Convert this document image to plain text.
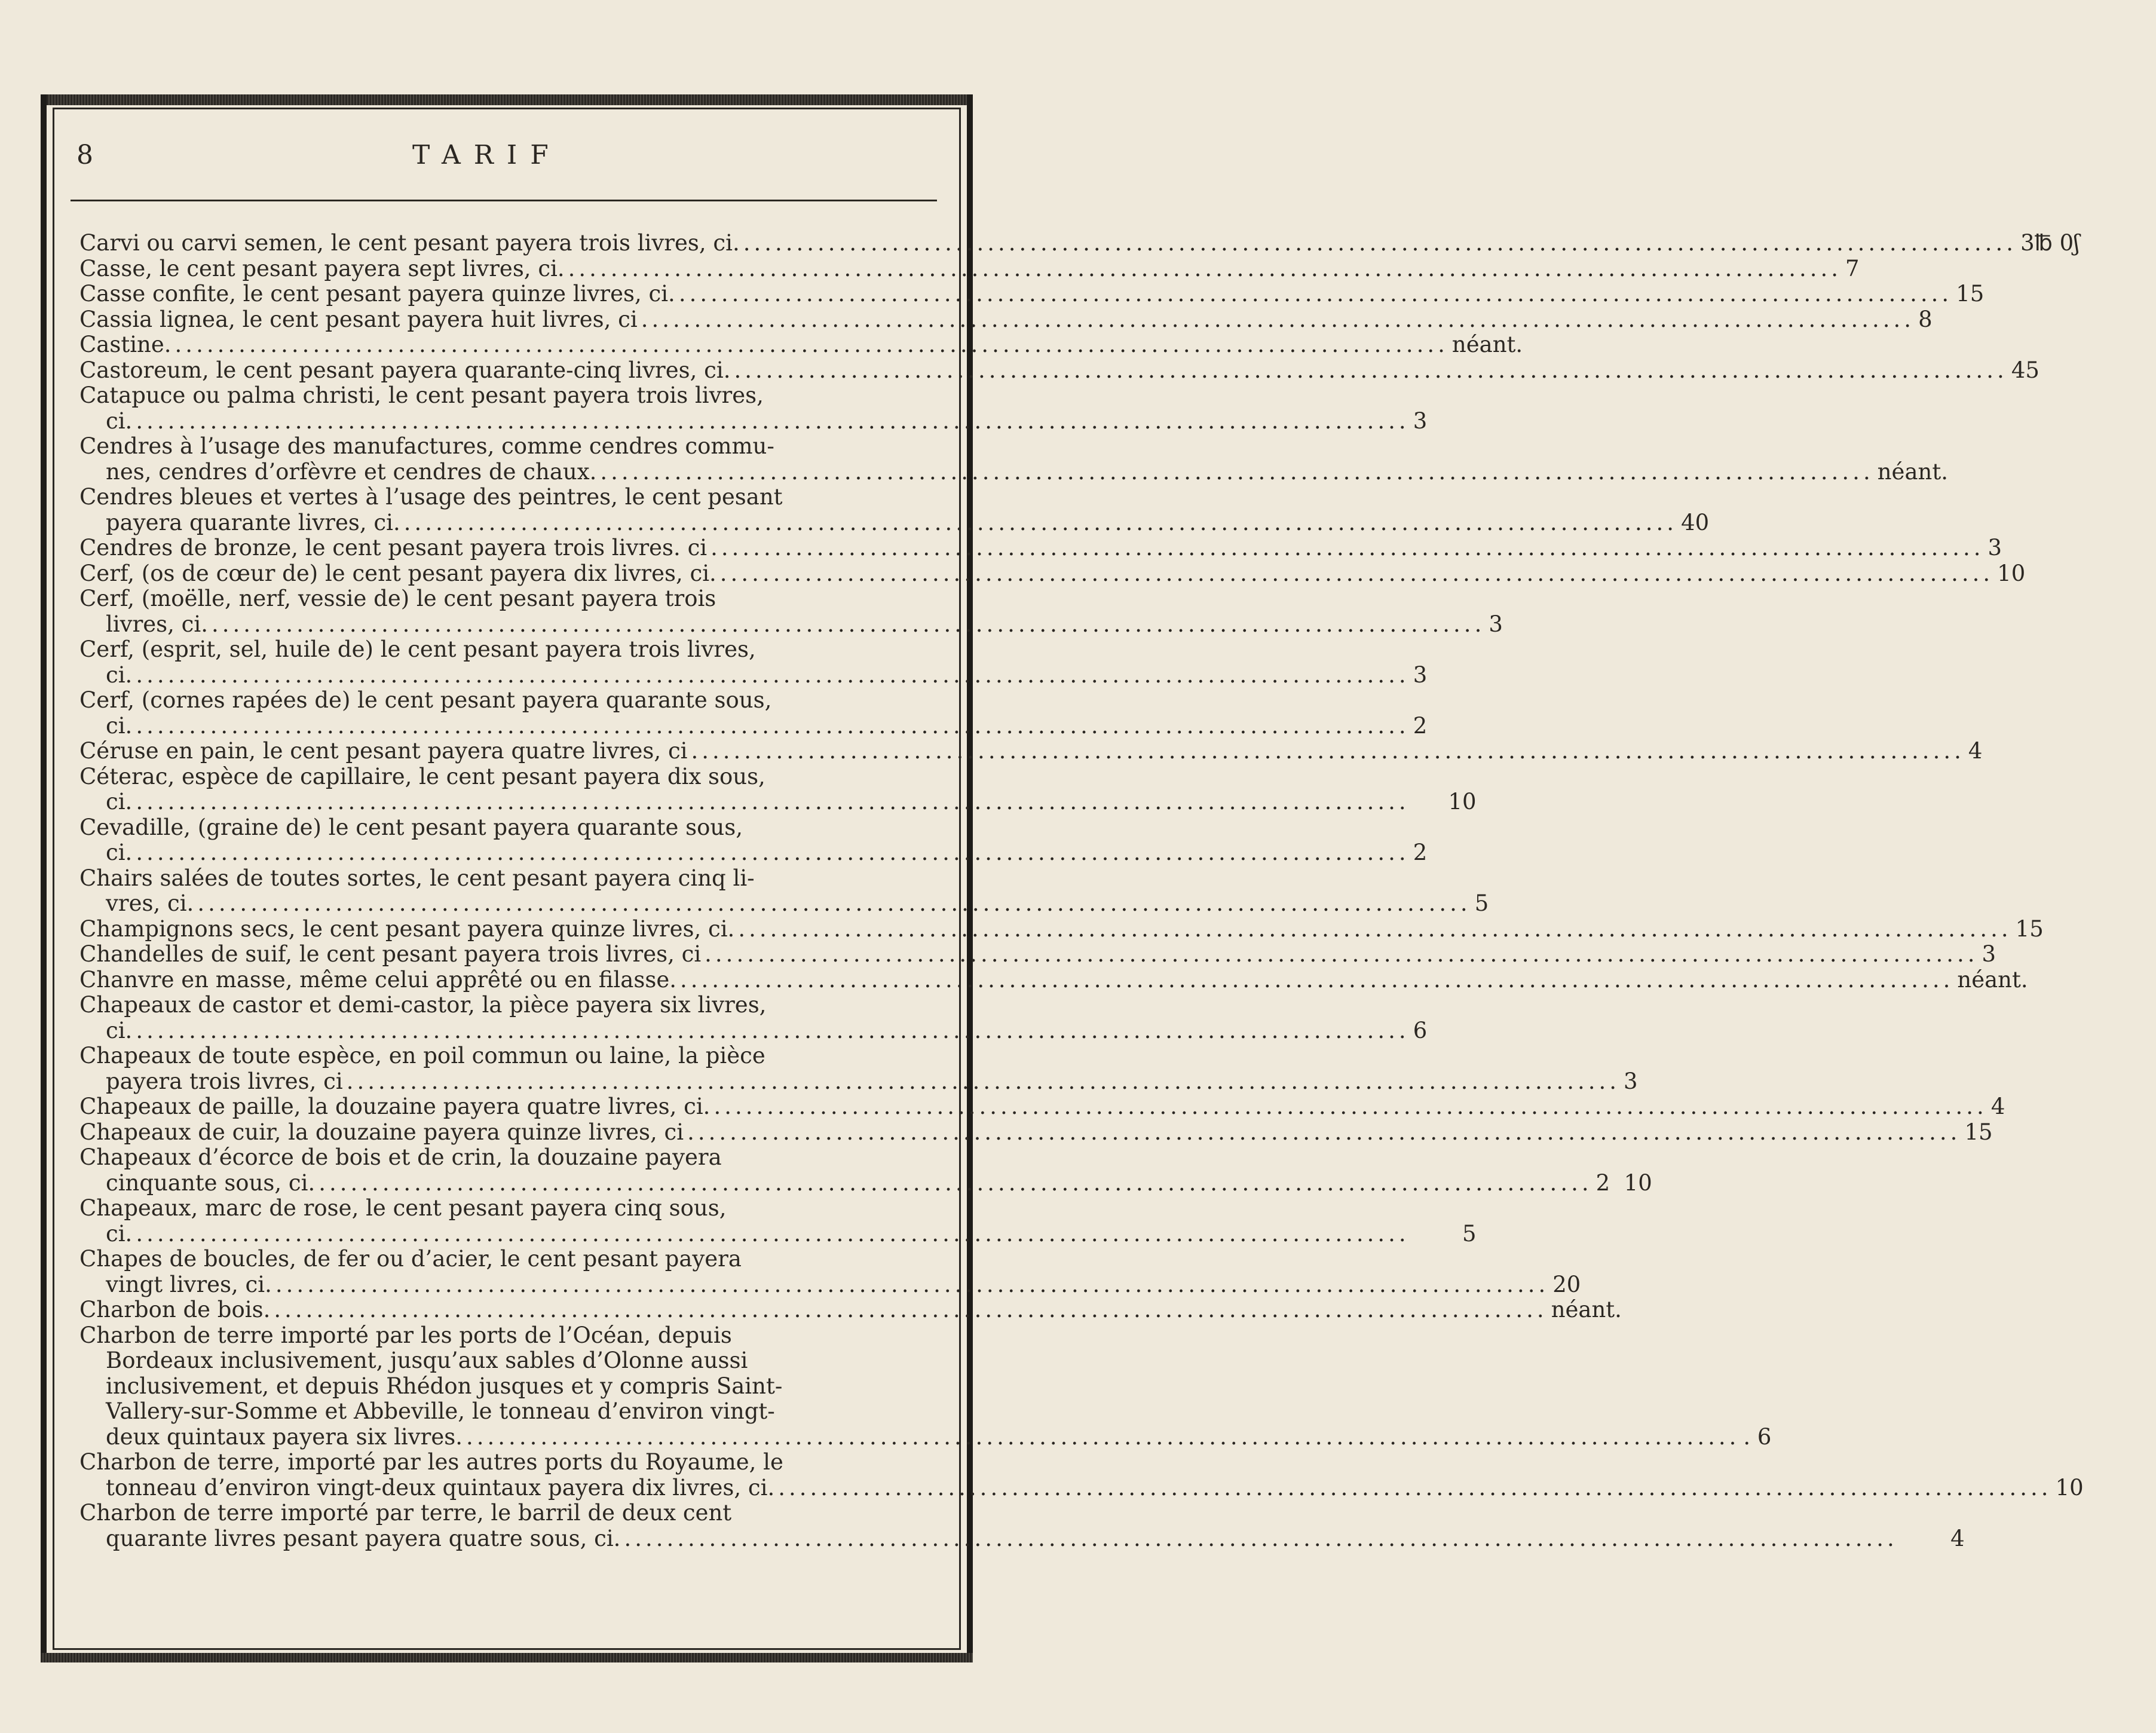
8	TARIF
Carvi ou carvi semen, le cent pesant payera trois livres, ci. ........................................................................................................................ 3℔ 0ʃ
Casse, le cent pesant payera sept livres, ci. ........................................................................................................................ 7
Casse confite, le cent pesant payera quinze livres, ci. ........................................................................................................................ 15
Cassia lignea, le cent pesant payera huit livres, ci ........................................................................................................................ 8
Castine. ........................................................................................................................ néant.
Castoreum, le cent pesant payera quarante-cinq livres, ci. ........................................................................................................................ 45
Catapuce ou palma christi, le cent pesant payera trois livres,
ci. ........................................................................................................................ 3
Cendres à l’usage des manufactures, comme cendres commu-
nes, cendres d’orfèvre et cendres de chaux. ........................................................................................................................ néant.
Cendres bleues et vertes à l’usage des peintres, le cent pesant
payera quarante livres, ci. ........................................................................................................................ 40
Cendres de bronze, le cent pesant payera trois livres. ci ........................................................................................................................ 3
Cerf, (os de cœur de) le cent pesant payera dix livres, ci. ........................................................................................................................ 10
Cerf, (moëlle, nerf, vessie de) le cent pesant payera trois
livres, ci. ........................................................................................................................ 3
Cerf, (esprit, sel, huile de) le cent pesant payera trois livres,
ci. ........................................................................................................................ 3
Cerf, (cornes rapées de) le cent pesant payera quarante sous,
ci. ........................................................................................................................ 2
Céruse en pain, le cent pesant payera quatre livres, ci ........................................................................................................................ 4
Céterac, espèce de capillaire, le cent pesant payera dix sous,
ci. ........................................................................................................................ 10
Cevadille, (graine de) le cent pesant payera quarante sous,
ci. ........................................................................................................................ 2
Chairs salées de toutes sortes, le cent pesant payera cinq li-
vres, ci. ........................................................................................................................ 5
Champignons secs, le cent pesant payera quinze livres, ci. ........................................................................................................................ 15
Chandelles de suif, le cent pesant payera trois livres, ci ........................................................................................................................ 3
Chanvre en masse, même celui apprêté ou en filasse. ........................................................................................................................ néant.
Chapeaux de castor et demi-castor, la pièce payera six livres,
ci. ........................................................................................................................ 6
Chapeaux de toute espèce, en poil commun ou laine, la pièce
payera trois livres, ci ........................................................................................................................ 3
Chapeaux de paille, la douzaine payera quatre livres, ci. ........................................................................................................................ 4
Chapeaux de cuir, la douzaine payera quinze livres, ci ........................................................................................................................ 15
Chapeaux d’écorce de bois et de crin, la douzaine payera
cinquante sous, ci. ........................................................................................................................ 2  10
Chapeaux, marc de rose, le cent pesant payera cinq sous,
ci. ........................................................................................................................ 5
Chapes de boucles, de fer ou d’acier, le cent pesant payera
vingt livres, ci. ........................................................................................................................ 20
Charbon de bois. ........................................................................................................................ néant.
Charbon de terre importé par les ports de l’Océan, depuis
Bordeaux inclusivement, jusqu’aux sables d’Olonne aussi
inclusivement, et depuis Rhédon jusques et y compris Saint-
Vallery-sur-Somme et Abbeville, le tonneau d’environ vingt-
deux quintaux payera six livres. ........................................................................................................................ . 6
Charbon de terre, importé par les autres ports du Royaume, le
tonneau d’environ vingt-deux quintaux payera dix livres, ci. ........................................................................................................................ 10
Charbon de terre importé par terre, le barril de deux cent
quarante livres pesant payera quatre sous, ci. ........................................................................................................................ 4
